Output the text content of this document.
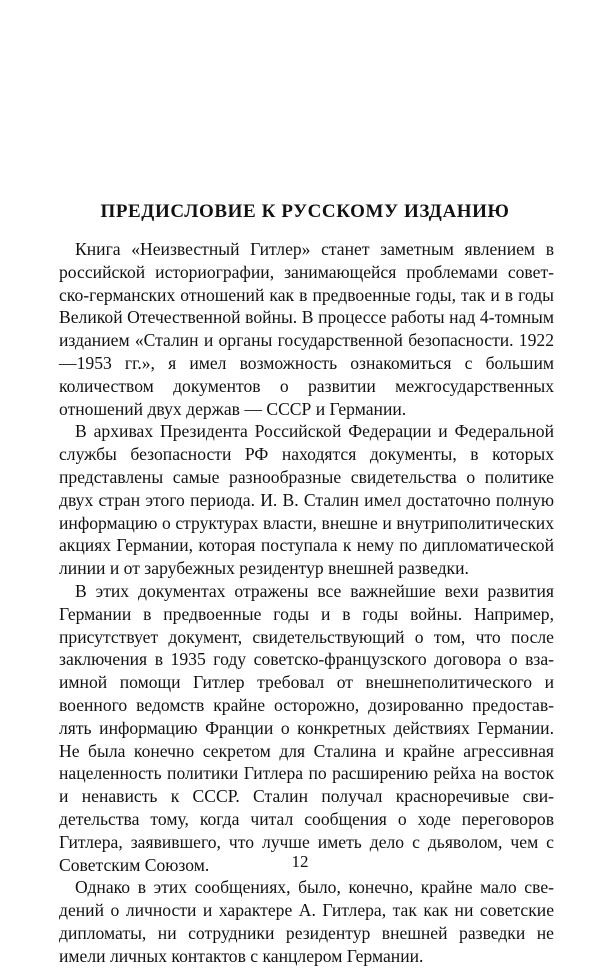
ПРЕДИСЛОВИЕ К РУССКОМУ ИЗДАНИЮ

Книга «Неизвестный Гитлер» станет заметным явлением в российской историографии, занимающейся проблемами советско-германских отношений как в предвоенные годы, так и в годы Великой Отечественной войны. В процессе работы над 4-томным изданием «Сталин и органы государственной безопасности. 1922—1953 гг.», я имел возможность ознакомиться с большим количеством документов о развитии межгосударственных отношений двух держав — СССР и Германии.

В архивах Президента Российской Федерации и Федеральной службы безопасности РФ находятся документы, в которых представлены самые разнообразные свидетельства о политике двух стран этого периода. И. В. Сталин имел достаточно полную информацию о структурах власти, внешне и внутриполитических акциях Германии, которая поступала к нему по дипломатической линии и от зарубежных резидентур внешней разведки.

В этих документах отражены все важнейшие вехи развития Германии в предвоенные годы и в годы войны. Например, присутствует документ, свидетельствующий о том, что после заключения в 1935 году советско-французского договора о взаимной помощи Гитлер требовал от внешнеполитического и военного ведомств крайне осторожно, дозированно предоставлять информацию Франции о конкретных действиях Германии. Не была конечно секретом для Сталина и крайне агрессивная нацеленность политики Гитлера по расширению рейха на восток и ненависть к СССР. Сталин получал красноречивые свидетельства тому, когда читал сообщения о ходе переговоров Гитлера, заявившего, что лучше иметь дело с дьяволом, чем с Советским Союзом.

Однако в этих сообщениях, было, конечно, крайне мало сведений о личности и характере А. Гитлера, так как ни советские дипломаты, ни сотрудники резидентур внешней разведки не имели личных контактов с канцлером Германии.

12
